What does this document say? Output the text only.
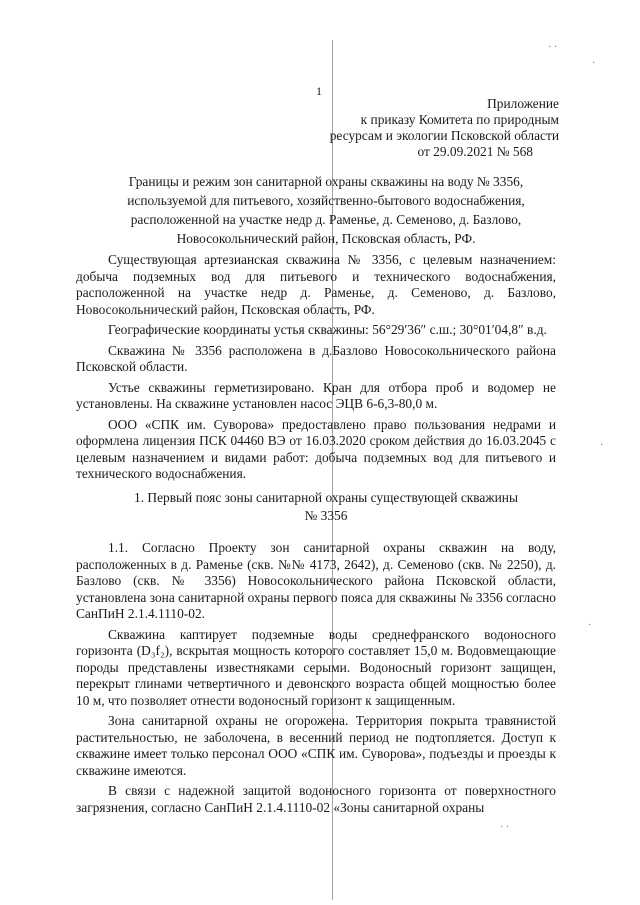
1
Приложение
к приказу Комитета по природным
ресурсам и экологии Псковской области
от 29.09.2021 № 568
Границы и режим зон санитарной охраны скважины на воду № 3356,
используемой для питьевого, хозяйственно-бытового водоснабжения,
расположенной на участке недр д. Раменье, д. Семеново, д. Базлово,
Новосокольнический район, Псковская область, РФ.

Существующая артезианская скважина № 3356, с целевым назначением: добыча подземных вод для питьевого и технического водоснабжения, расположенной на участке недр д. Раменье, д. Семеново, д. Базлово, Новосокольнический район, Псковская область, РФ.

Географические координаты устья скважины: 56°29′36″ с.ш.; 30°01′04,8″ в.д.

Скважина № 3356 расположена в д.Базлово Новосокольнического района Псковской области.

Устье скважины герметизировано. Кран для отбора проб и водомер не установлены. На скважине установлен насос ЭЦВ 6-6,3-80,0 м.

ООО «СПК им. Суворова» предоставлено право пользования недрами и оформлена лицензия ПСК 04460 ВЭ от 16.03.2020 сроком действия до 16.03.2045 с целевым назначением и видами работ: добыча подземных вод для питьевого и технического водоснабжения.

1. Первый пояс зоны санитарной охраны существующей скважины
№ 3356

1.1. Согласно Проекту зон санитарной охраны скважин на воду, расположенных в д. Раменье (скв. №№ 4173, 2642), д. Семеново (скв. № 2250), д. Базлово (скв. № 3356) Новосокольнического района Псковской области, установлена зона санитарной охраны первого пояса для скважины № 3356 согласно СанПиН 2.1.4.1110-02.

Скважина каптирует подземные воды среднефранского водоносного горизонта (D₃f₂), вскрытая мощность которого составляет 15,0 м. Водовмещающие породы представлены известняками серыми. Водоносный горизонт защищен, перекрыт глинами четвертичного и девонского возраста общей мощностью более 10 м, что позволяет отнести водоносный горизонт к защищенным.

Зона санитарной охраны не огорожена. Территория покрыта травянистой растительностью, не заболочена, в весенний период не подтопляется. Доступ к скважине имеет только персонал ООО «СПК им. Суворова», подъезды и проезды к скважине имеются.

В связи с надежной защитой водоносного горизонта от поверхностного загрязнения, согласно СанПиН 2.1.4.1110-02 «Зоны санитарной охраны

· ·
·
·
·
· ·
